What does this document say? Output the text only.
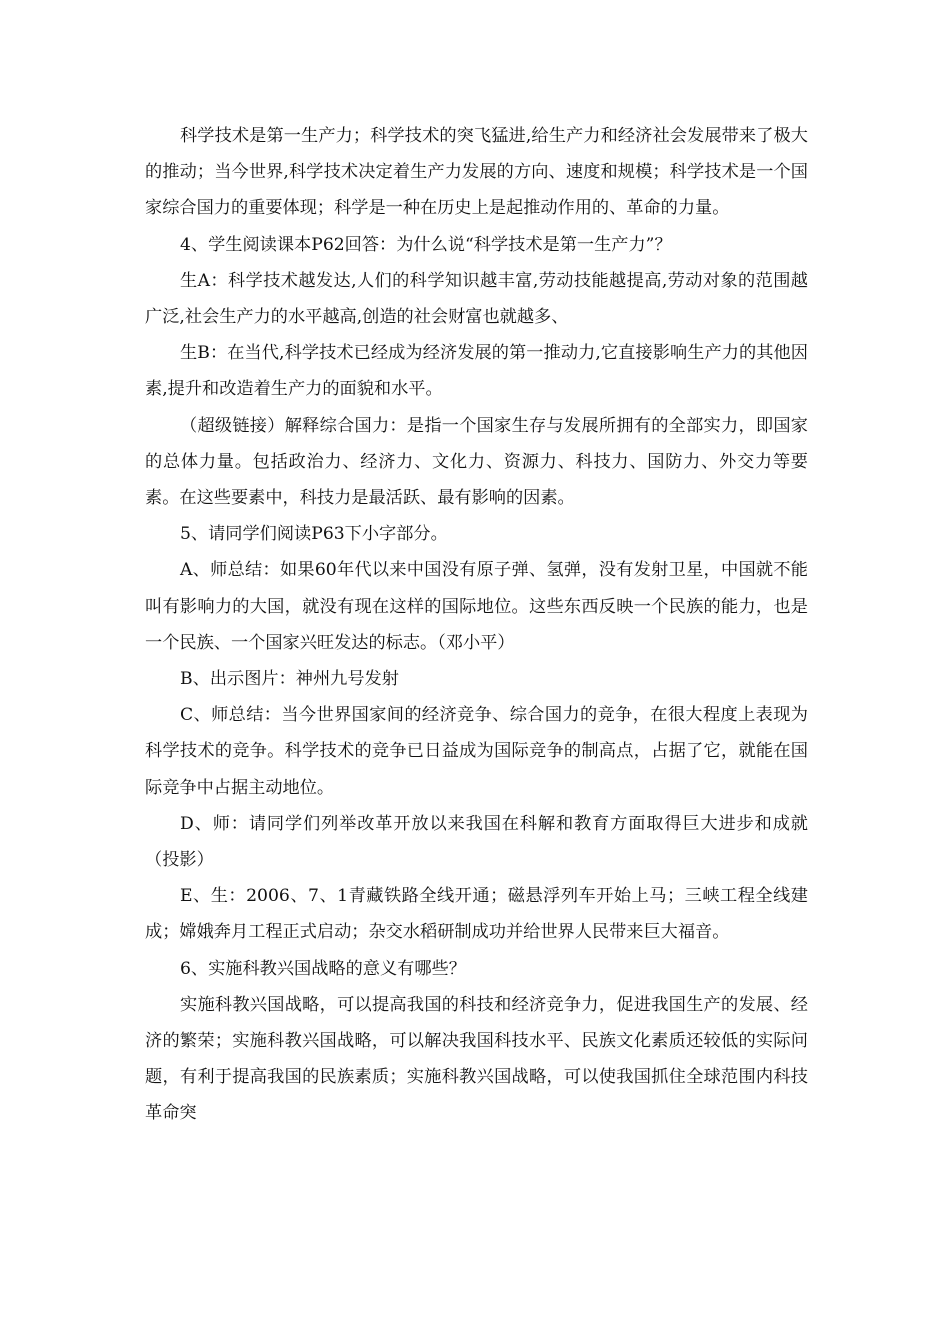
科学技术是第一生产力；科学技术的突飞猛进,给生产力和经济社会发展带来了极大的推动；当今世界,科学技术决定着生产力发展的方向、速度和规模；科学技术是一个国家综合国力的重要体现；科学是一种在历史上是起推动作用的、革命的力量。

4、学生阅读课本P62回答：为什么说“科学技术是第一生产力”？

生A：科学技术越发达,人们的科学知识越丰富,劳动技能越提高,劳动对象的范围越广泛,社会生产力的水平越高,创造的社会财富也就越多、

生B：在当代,科学技术已经成为经济发展的第一推动力,它直接影响生产力的其他因素,提升和改造着生产力的面貌和水平。

（超级链接）解释综合国力：是指一个国家生存与发展所拥有的全部实力，即国家的总体力量。包括政治力、经济力、文化力、资源力、科技力、国防力、外交力等要素。在这些要素中，科技力是最活跃、最有影响的因素。

5、请同学们阅读P63下小字部分。

A、师总结：如果60年代以来中国没有原子弹、氢弹，没有发射卫星，中国就不能叫有影响力的大国，就没有现在这样的国际地位。这些东西反映一个民族的能力，也是一个民族、一个国家兴旺发达的标志。（邓小平）

B、出示图片：神州九号发射

C、师总结：当今世界国家间的经济竞争、综合国力的竞争，在很大程度上表现为科学技术的竞争。科学技术的竞争已日益成为国际竞争的制高点，占据了它，就能在国际竞争中占据主动地位。

D、师：请同学们列举改革开放以来我国在科解和教育方面取得巨大进步和成就（投影）

E、生：2006、7、1青藏铁路全线开通；磁悬浮列车开始上马；三峡工程全线建成；嫦娥奔月工程正式启动；杂交水稻研制成功并给世界人民带来巨大福音。

6、实施科教兴国战略的意义有哪些？

实施科教兴国战略，可以提高我国的科技和经济竞争力，促进我国生产的发展、经济的繁荣；实施科教兴国战略，可以解决我国科技水平、民族文化素质还较低的实际问题，有利于提高我国的民族素质；实施科教兴国战略，可以使我国抓住全球范围内科技革命突
